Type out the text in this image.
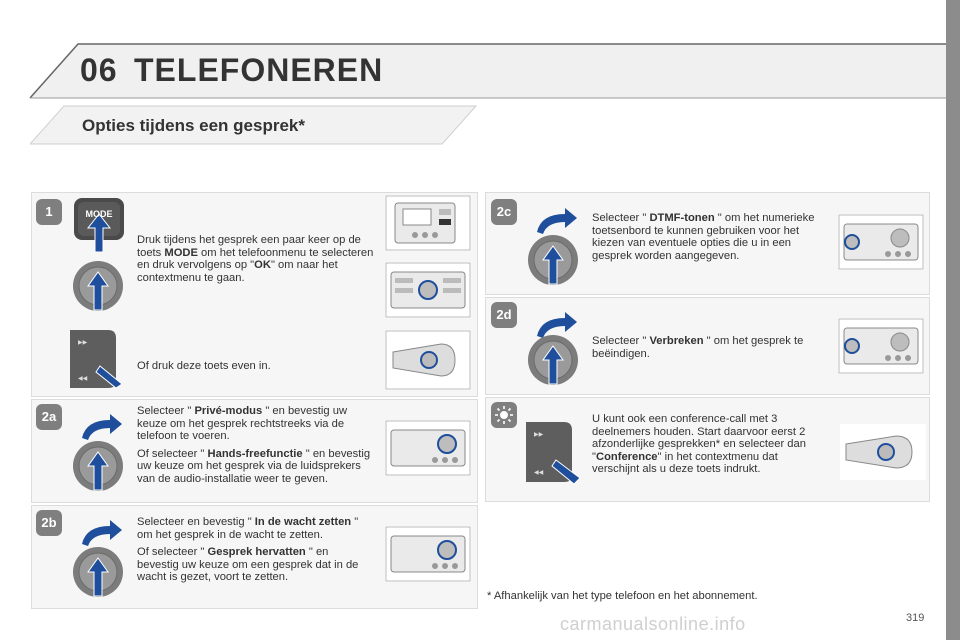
06 TELEFONEREN
Opties tijdens een gesprek*
1
2a
2b
2c
2d
MODE
▶▶
◀◀
Druk tijdens het gesprek een paar keer op de toets MODE om het telefoonmenu te selecteren en druk vervolgens op "OK" om naar het contextmenu te gaan.
Of druk deze toets even in.
Selecteer " Privé-modus " en bevestig uw keuze om het gesprek rechtstreeks via de telefoon te voeren.
Of selecteer " Hands-freefunctie " en bevestig uw keuze om het gesprek via de luidsprekers van de audio-installatie weer te geven.
Selecteer en bevestig " In de wacht zetten " om het gesprek in de wacht te zetten.
Of selecteer " Gesprek hervatten " en bevestig uw keuze om een gesprek dat in de wacht is gezet, voort te zetten.
Selecteer " DTMF-tonen " om het numerieke toetsenbord te kunnen gebruiken voor het kiezen van eventuele opties die u in een gesprek worden aangegeven.
Selecteer " Verbreken " om het gesprek te beëindigen.
▶▶
◀◀
U kunt ook een conference-call met 3 deelnemers houden. Start daarvoor eerst 2 afzonderlijke gesprekken* en selecteer dan "Conference" in het contextmenu dat verschijnt als u deze toets indrukt.
* Afhankelijk van het type telefoon en het abonnement.
carmanualsonline.info	319
